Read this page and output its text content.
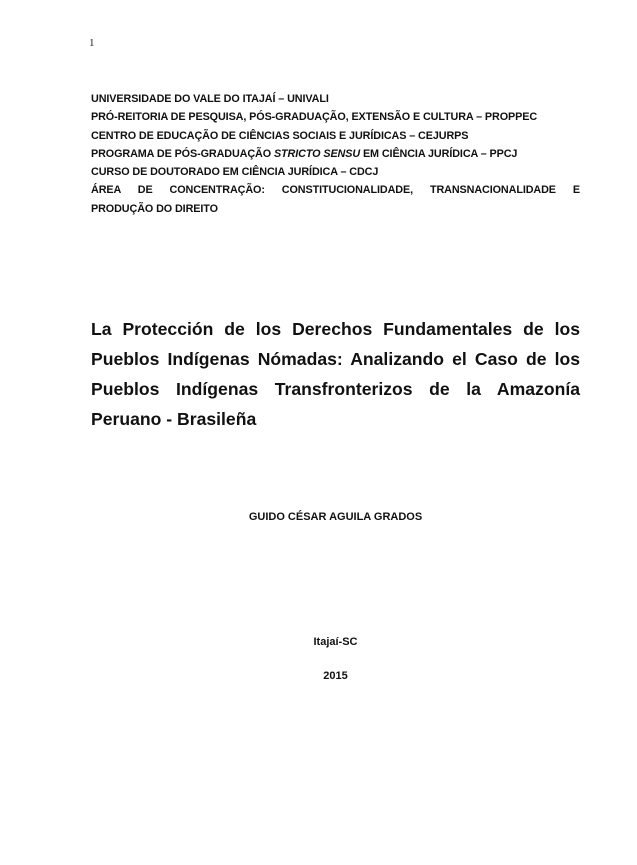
1
UNIVERSIDADE DO VALE DO ITAJAÍ – UNIVALI
PRÓ-REITORIA DE PESQUISA, PÓS-GRADUAÇÃO, EXTENSÃO E CULTURA – PROPPEC
CENTRO DE EDUCAÇÃO DE CIÊNCIAS SOCIAIS E JURÍDICAS – CEJURPS
PROGRAMA DE PÓS-GRADUAÇÃO STRICTO SENSU EM CIÊNCIA JURÍDICA – PPCJ
CURSO DE DOUTORADO EM CIÊNCIA JURÍDICA – CDCJ
ÁREA DE CONCENTRAÇÃO: CONSTITUCIONALIDADE, TRANSNACIONALIDADE E
PRODUÇÃO DO DIREITO
La Protección de los Derechos Fundamentales de los
Pueblos Indígenas Nómadas: Analizando el Caso de los
Pueblos Indígenas Transfronterizos de la Amazonía
Peruano - Brasileña
GUIDO CÉSAR AGUILA GRADOS
Itajaí-SC
2015
